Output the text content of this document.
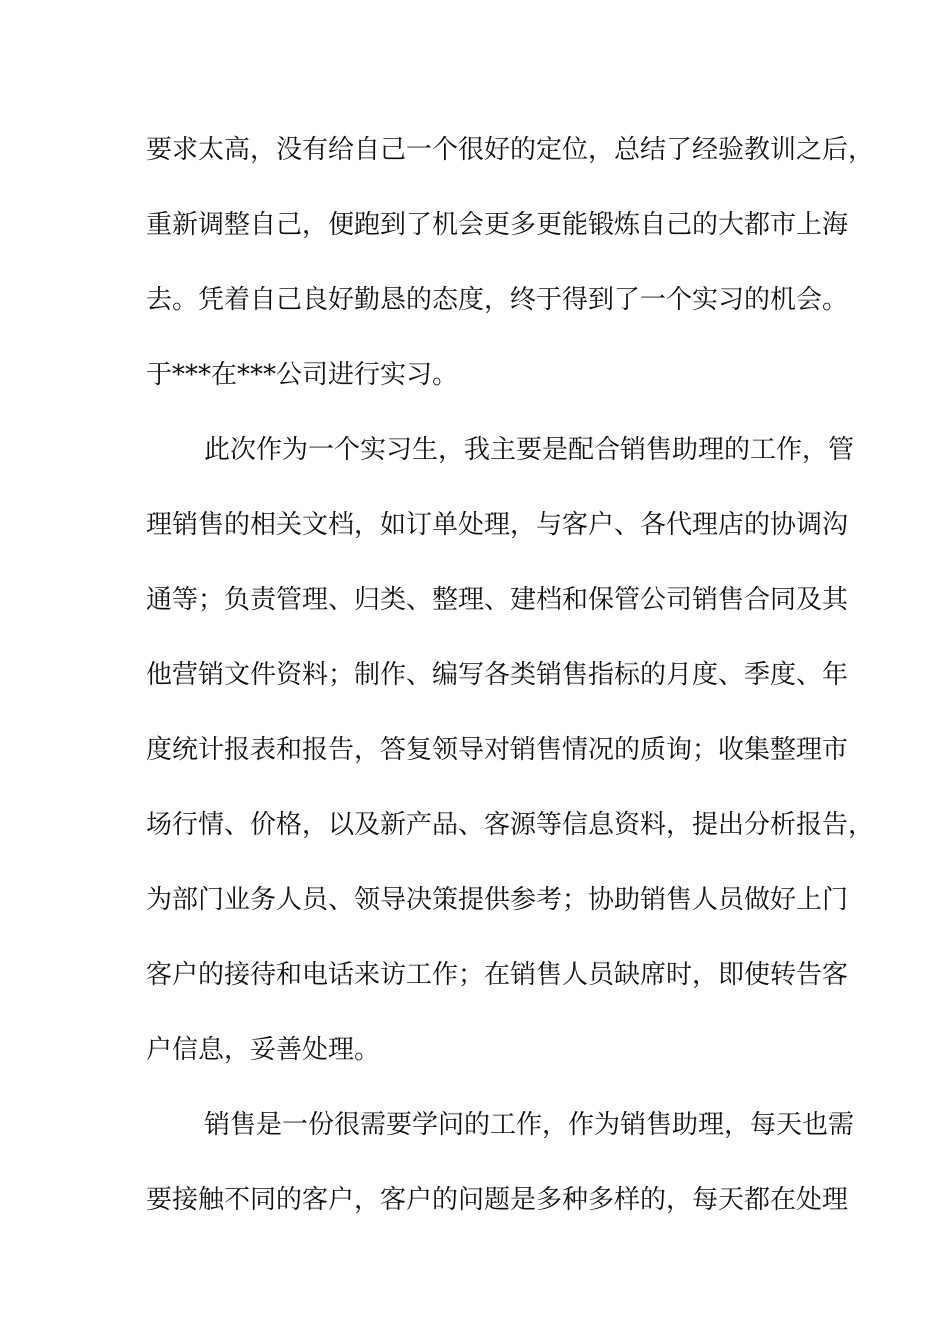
要求太高，没有给自己一个很好的定位，总结了经验教训之后，
重新调整自己，便跑到了机会更多更能锻炼自己的大都市上海
去。凭着自己良好勤恳的态度，终于得到了一个实习的机会。
于***在***公司进行实习。
此次作为一个实习生，我主要是配合销售助理的工作，管
理销售的相关文档，如订单处理，与客户、各代理店的协调沟
通等；负责管理、归类、整理、建档和保管公司销售合同及其
他营销文件资料；制作、编写各类销售指标的月度、季度、年
度统计报表和报告，答复领导对销售情况的质询；收集整理市
场行情、价格，以及新产品、客源等信息资料，提出分析报告，
为部门业务人员、领导决策提供参考；协助销售人员做好上门
客户的接待和电话来访工作；在销售人员缺席时，即使转告客
户信息，妥善处理。
销售是一份很需要学问的工作，作为销售助理，每天也需
要接触不同的客户，客户的问题是多种多样的，每天都在处理
